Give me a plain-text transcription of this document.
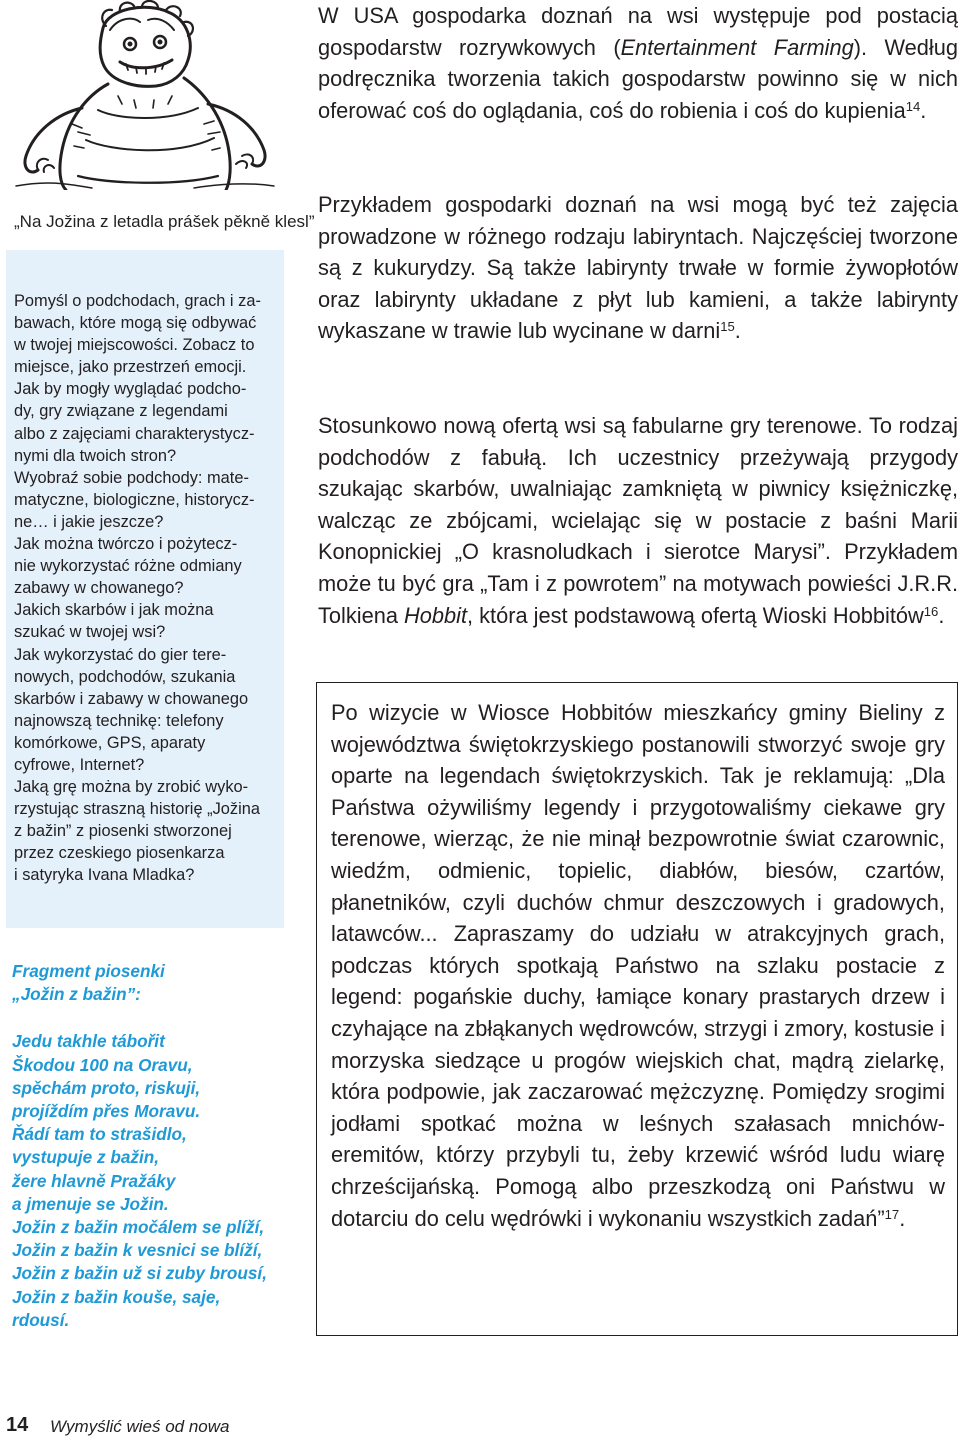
„Na Jožina z letadla prášek pěkně klesl”

Pomyśl o podchodach, grach i za-

bawach, które mogą się odbywać

w twojej miejscowości. Zobacz to

miejsce, jako przestrzeń emocji.

Jak by mogły wyglądać podcho-

dy, gry związane z legendami

albo z zajęciami charakterystycz-

nymi dla twoich stron?

Wyobraź sobie podchody: mate-

matyczne, biologiczne, historycz-

ne… i jakie jeszcze?

Jak można twórczo i pożytecz-

nie wykorzystać różne odmiany

zabawy w chowanego?

Jakich skarbów i jak można

szukać w twojej wsi?

Jak wykorzystać do gier tere-

nowych, podchodów, szukania

skarbów i zabawy w chowanego

najnowszą technikę: telefony

komórkowe, GPS, aparaty

cyfrowe, Internet?

Jaką grę można by zrobić wyko-

rzystując straszną historię „Jožina

z bažin” z piosenki stworzonej

przez czeskiego piosenkarza

i satyryka Ivana Mladka?

Fragment piosenki

„Jožin z bažin”:

Jedu takhle tábořit

Škodou 100 na Oravu,

spěchám proto, riskuji,

projíždím přes Moravu.

Řádí tam to strašidlo,

vystupuje z bažin,

žere hlavně Pražáky

a jmenuje se Jožin.

Jožin z bažin močálem se plíží,

Jožin z bažin k vesnici se blíží,

Jožin z bažin už si zuby brousí,

Jožin z bažin kouše, saje,

rdousí.

W USA gospodarka doznań na wsi występuje pod postacią gospodarstw rozrywkowych (Entertainment Farming). Według podręcznika tworzenia takich gospodarstw powinno się w nich oferować coś do oglądania, coś do robienia i coś do kupienia$^{14}$.

Przykładem gospodarki doznań na wsi mogą być też zajęcia prowadzone w różnego rodzaju labiryntach. Najczęściej tworzone są z kukurydzy. Są także labirynty trwałe w formie żywopłotów oraz labirynty układane z płyt lub kamieni, a także labirynty wykaszane w trawie lub wycinane w darni$^{15}$.

Stosunkowo nową ofertą wsi są fabularne gry terenowe. To rodzaj podchodów z fabułą. Ich uczestnicy przeżywają przygody szukając skarbów, uwalniając zamkniętą w piwnicy księżniczkę, walcząc ze zbójcami, wcielając się w postacie z baśni Marii Konopnickiej „O krasnoludkach i sierotce Marysi”. Przykładem może tu być gra „Tam i z powrotem” na motywach powieści J.R.R. Tolkiena Hobbit, która jest podstawową ofertą Wioski Hobbitów$^{16}$.

Po wizycie w Wiosce Hobbitów mieszkańcy gminy Bieliny z województwa świętokrzyskiego postanowili stworzyć swoje gry oparte na legendach świętokrzyskich. Tak je reklamują: „Dla Państwa ożywiliśmy legendy i przygotowaliśmy ciekawe gry terenowe, wierząc, że nie minął bezpowrotnie świat czarownic, wiedźm, odmienic, topielic, diabłów, biesów, czartów, płanetników, czyli duchów chmur deszczowych i gradowych, latawców... Zapraszamy do udziału w atrakcyjnych grach, podczas których spotkają Państwo na szlaku postacie z legend: pogańskie duchy, łamiące konary prastarych drzew i czyhające na zbłąkanych wędrowców, strzygi i zmory, kostusie i morzyska siedzące u progów wiejskich chat, mądrą zielarkę, która podpowie, jak zaczarować mężczyznę. Pomiędzy srogimi jodłami spotkać można w leśnych szałasach mnichów-eremitów, którzy przybyli tu, żeby krzewić wśród ludu wiarę chrześcijańską. Pomogą albo przeszkodzą oni Państwu w dotarciu do celu wędrówki i wykonaniu wszystkich zadań”$^{17}$.

14 Wymyślić wieś od nowa
